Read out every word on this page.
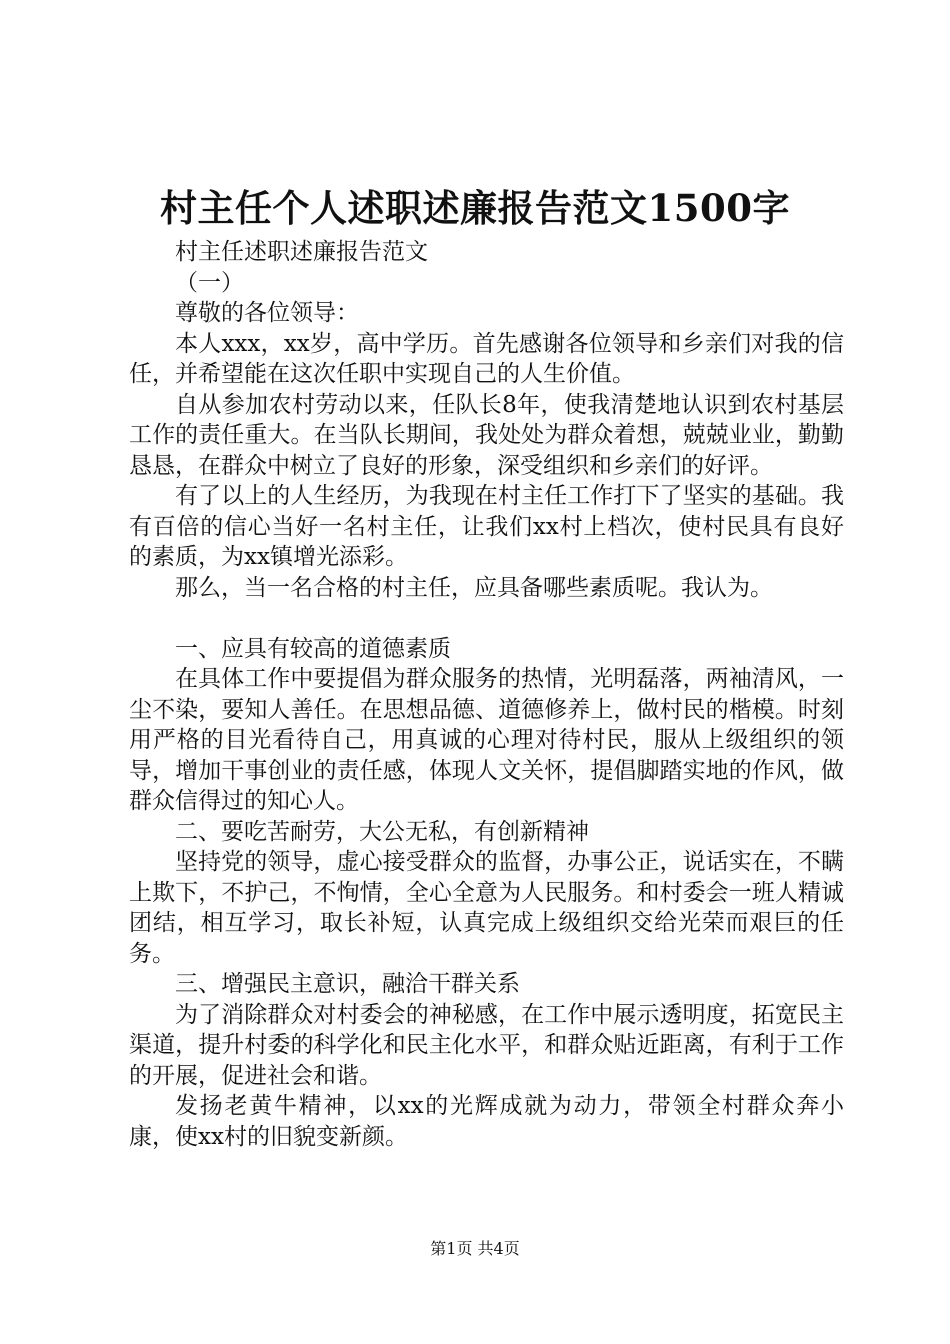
村主任个人述职述廉报告范文1500字

村主任述职述廉报告范文

（一）

尊敬的各位领导：

本人xxx，xx岁，高中学历。首先感谢各位领导和乡亲们对我的信任，并希望能在这次任职中实现自己的人生价值。

自从参加农村劳动以来，任队长8年，使我清楚地认识到农村基层工作的责任重大。在当队长期间，我处处为群众着想，兢兢业业，勤勤恳恳，在群众中树立了良好的形象，深受组织和乡亲们的好评。

有了以上的人生经历，为我现在村主任工作打下了坚实的基础。我有百倍的信心当好一名村主任，让我们xx村上档次，使村民具有良好的素质，为xx镇增光添彩。

那么，当一名合格的村主任，应具备哪些素质呢。我认为。

一、应具有较高的道德素质

在具体工作中要提倡为群众服务的热情，光明磊落，两袖清风，一尘不染，要知人善任。在思想品德、道德修养上，做村民的楷模。时刻用严格的目光看待自己，用真诚的心理对待村民，服从上级组织的领导，增加干事创业的责任感，体现人文关怀，提倡脚踏实地的作风，做群众信得过的知心人。

二、要吃苦耐劳，大公无私，有创新精神

坚持党的领导，虚心接受群众的监督，办事公正，说话实在，不瞒上欺下，不护己，不恂情，全心全意为人民服务。和村委会一班人精诚团结，相互学习，取长补短，认真完成上级组织交给光荣而艰巨的任务。

三、增强民主意识，融洽干群关系

为了消除群众对村委会的神秘感，在工作中展示透明度，拓宽民主渠道，提升村委的科学化和民主化水平，和群众贴近距离，有利于工作的开展，促进社会和谐。

发扬老黄牛精神，以xx的光辉成就为动力，带领全村群众奔小康，使xx村的旧貌变新颜。

第1页 共4页
